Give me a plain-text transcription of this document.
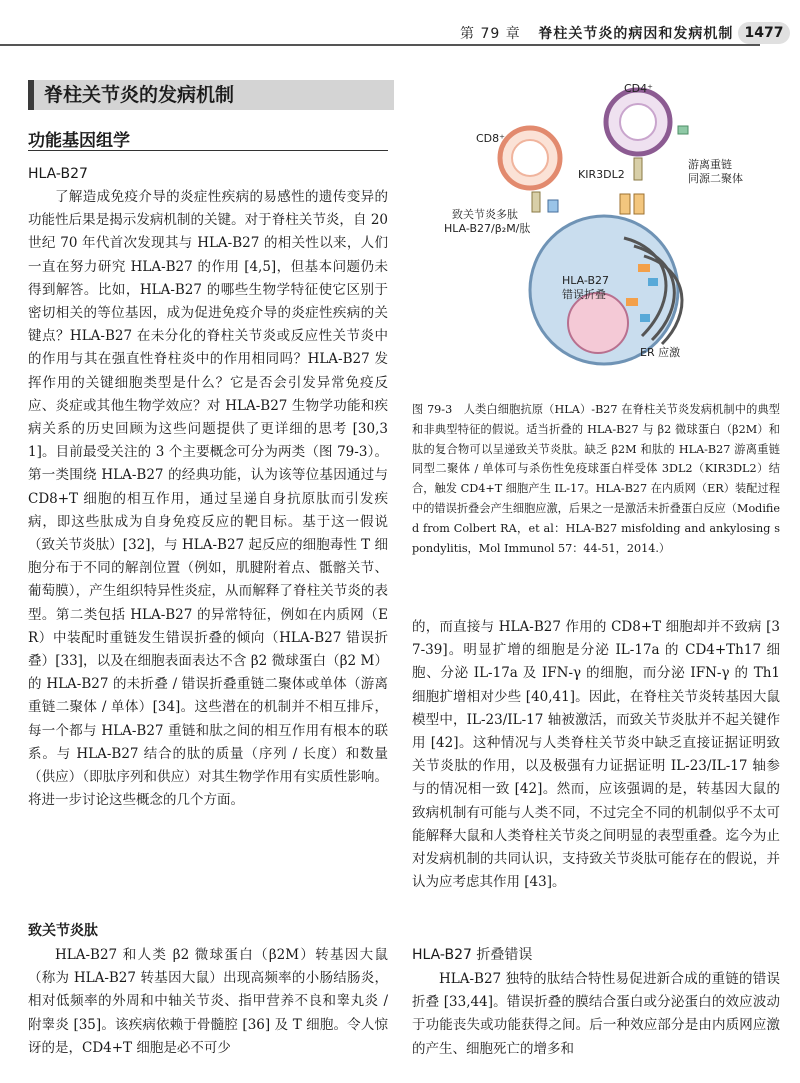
第 79 章 脊柱关节炎的病因和发病机制 1477
脊柱关节炎的发病机制
功能基因组学
HLA-B27
了解造成免疫介导的炎症性疾病的易感性的遗传变异的功能性后果是揭示发病机制的关键。对于脊柱关节炎，自 20 世纪 70 年代首次发现其与 HLA-B27 的相关性以来，人们一直在努力研究 HLA-B27 的作用 [4,5]，但基本问题仍未得到解答。比如，HLA-B27 的哪些生物学特征使它区别于密切相关的等位基因，成为促进免疫介导的炎症性疾病的关键点？HLA-B27 在未分化的脊柱关节炎或反应性关节炎中的作用与其在强直性脊柱炎中的作用相同吗？HLA-B27 发挥作用的关键细胞类型是什么？它是否会引发异常免疫反应、炎症或其他生物学效应？对 HLA-B27 生物学功能和疾病关系的历史回顾为这些问题提供了更详细的思考 [30,31]。目前最受关注的 3 个主要概念可分为两类（图 79-3）。第一类围绕 HLA-B27 的经典功能，认为该等位基因通过与 CD8+T 细胞的相互作用，通过呈递自身抗原肽而引发疾病，即这些肽成为自身免疫反应的靶目标。基于这一假说（致关节炎肽）[32]，与 HLA-B27 起反应的细胞毒性 T 细胞分布于不同的解剖位置（例如，肌腱附着点、骶髂关节、葡萄膜），产生组织特异性炎症，从而解释了脊柱关节炎的表型。第二类包括 HLA-B27 的异常特征，例如在内质网（ER）中装配时重链发生错误折叠的倾向（HLA-B27 错误折叠）[33]，以及在细胞表面表达不含 β2 微球蛋白（β2 M）的 HLA-B27 的未折叠 / 错误折叠重链二聚体或单体（游离重链二聚体 / 单体）[34]。这些潜在的机制并不相互排斥，每一个都与 HLA-B27 重链和肽之间的相互作用有根本的联系。与 HLA-B27 结合的肽的质量（序列 / 长度）和数量（供应）（即肽序列和供应）对其生物学作用有实质性影响。将进一步讨论这些概念的几个方面。
致关节炎肽
HLA-B27 和人类 β2 微球蛋白（β2M）转基因大鼠（称为 HLA-B27 转基因大鼠）出现高频率的小肠结肠炎，相对低频率的外周和中轴关节炎、指甲营养不良和睾丸炎 / 附睾炎 [35]。该疾病依赖于骨髓腔 [36] 及 T 细胞。令人惊讶的是，CD4+T 细胞是必不可少
CD4⁺
CD8⁺
KIR3DL2
游离重链同源二聚体
致关节炎多肽 HLA-B27/β₂M/肽
HLA-B27 错误折叠
ER 应激
图 79-3　人类白细胞抗原（HLA）-B27 在脊柱关节炎发病机制中的典型和非典型特征的假说。适当折叠的 HLA-B27 与 β2 微球蛋白（β2M）和肽的复合物可以呈递致关节炎肽。缺乏 β2M 和肽的 HLA-B27 游离重链同型二聚体 / 单体可与杀伤性免疫球蛋白样受体 3DL2（KIR3DL2）结合，触发 CD4+T 细胞产生 IL-17。HLA-B27 在内质网（ER）装配过程中的错误折叠会产生细胞应激，后果之一是激活未折叠蛋白反应（Modified from Colbert RA，et al：HLA-B27 misfolding and ankylosing spondylitis，Mol Immunol 57：44-51，2014.）
的，而直接与 HLA-B27 作用的 CD8+T 细胞却并不致病 [37-39]。明显扩增的细胞是分泌 IL-17a 的 CD4+Th17 细胞、分泌 IL-17a 及 IFN-γ 的细胞，而分泌 IFN-γ 的 Th1 细胞扩增相对少些 [40,41]。因此，在脊柱关节炎转基因大鼠模型中，IL-23/IL-17 轴被激活，而致关节炎肽并不起关键作用 [42]。这种情况与人类脊柱关节炎中缺乏直接证据证明致关节炎肽的作用，以及极强有力证据证明 IL-23/IL-17 轴参与的情况相一致 [42]。然而，应该强调的是，转基因大鼠的致病机制有可能与人类不同，不过完全不同的机制似乎不太可能解释大鼠和人类脊柱关节炎之间明显的表型重叠。迄今为止对发病机制的共同认识，支持致关节炎肽可能存在的假说，并认为应考虑其作用 [43]。
HLA-B27 折叠错误
HLA-B27 独特的肽结合特性易促进新合成的重链的错误折叠 [33,44]。错误折叠的膜结合蛋白或分泌蛋白的效应波动于功能丧失或功能获得之间。后一种效应部分是由内质网应激的产生、细胞死亡的增多和
